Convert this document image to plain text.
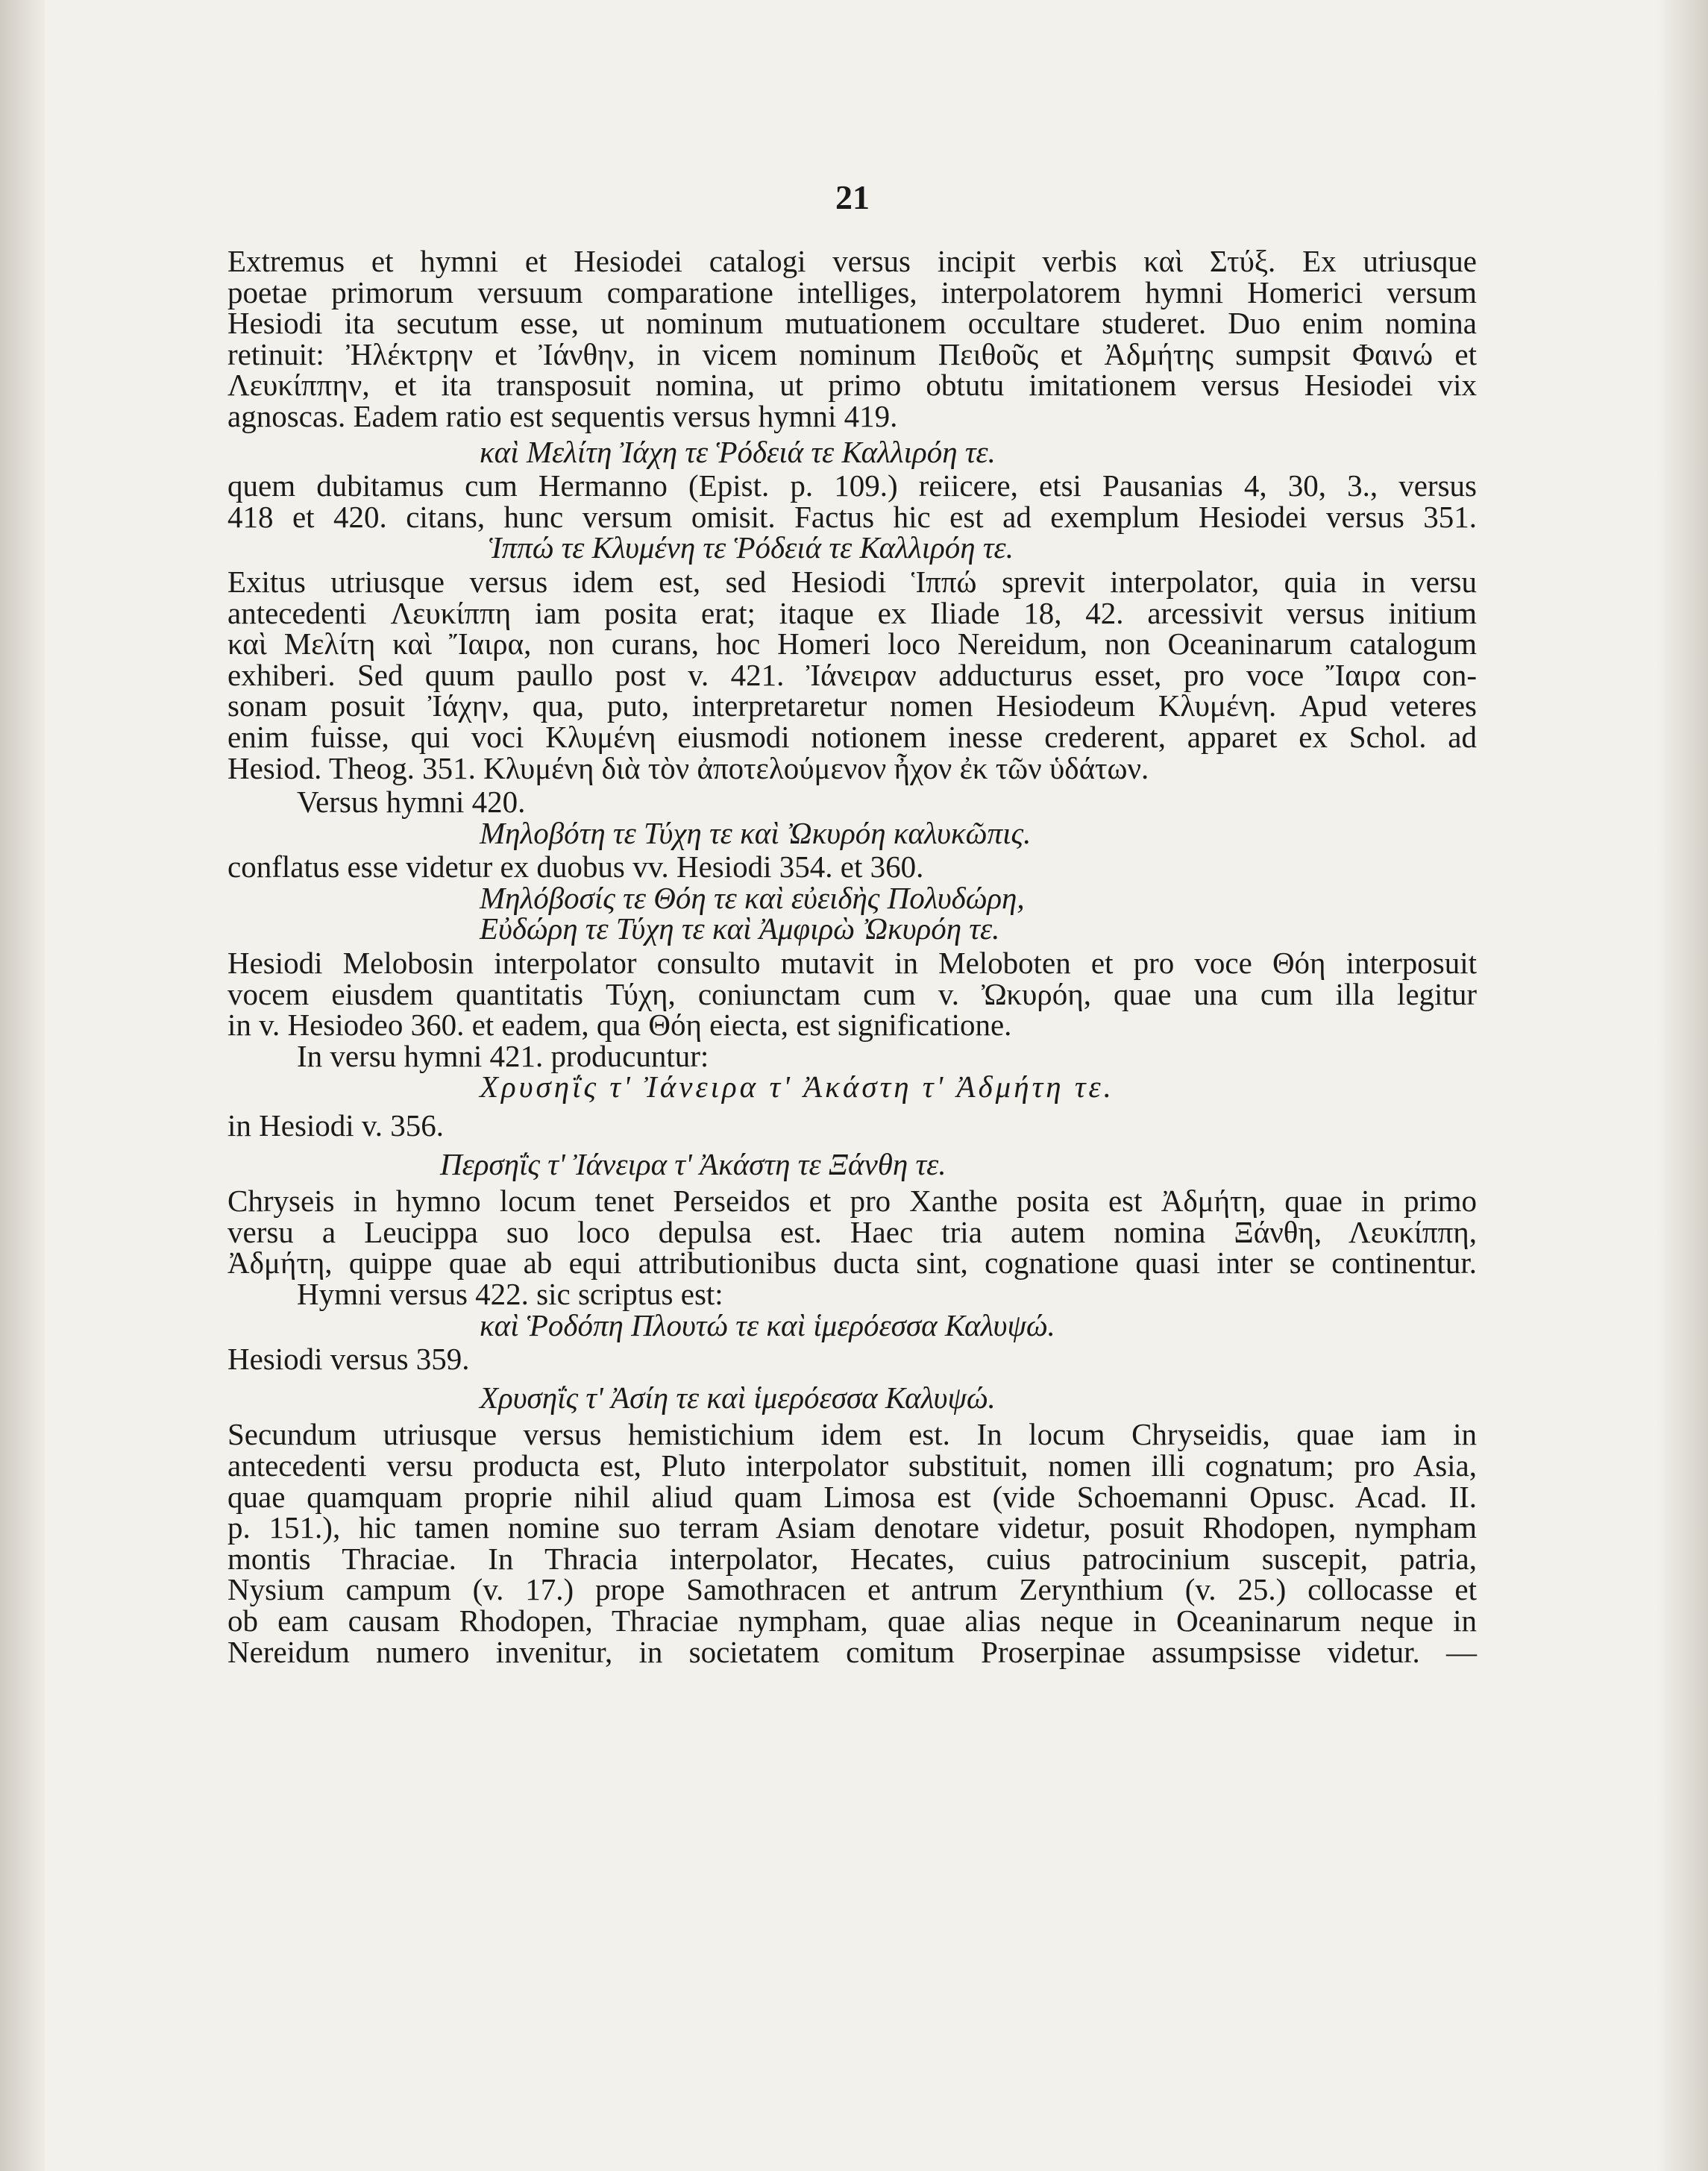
21
Extremus et hymni et Hesiodei catalogi versus incipit verbis καὶ Στύξ. Ex utriusque
poetae primorum versuum comparatione intelliges, interpolatorem hymni Homerici versum
Hesiodi ita secutum esse, ut nominum mutuationem occultare studeret. Duo enim nomina
retinuit: Ἠλέκτρην et Ἰάνθην, in vicem nominum Πειθοῦς et Ἀδμήτης sumpsit Φαινώ et
Λευκίππην, et ita transposuit nomina, ut primo obtutu imitationem versus Hesiodei vix
agnoscas. Eadem ratio est sequentis versus hymni 419.
καὶ Μελίτη Ἰάχη τε Ῥόδειά τε Καλλιρόη τε.
quem dubitamus cum Hermanno (Epist. p. 109.) reiicere, etsi Pausanias 4, 30, 3., versus
418 et 420. citans, hunc versum omisit. Factus hic est ad exemplum Hesiodei versus 351.
Ἱππώ τε Κλυμένη τε Ῥόδειά τε Καλλιρόη τε.
Exitus utriusque versus idem est, sed Hesiodi Ἱππώ sprevit interpolator, quia in versu
antecedenti Λευκίππη iam posita erat; itaque ex Iliade 18, 42. arcessivit versus initium
καὶ Μελίτη καὶ Ἴαιρα, non curans, hoc Homeri loco Nereidum, non Oceaninarum catalogum
exhiberi. Sed quum paullo post v. 421. Ἰάνειραν adducturus esset, pro voce Ἴαιρα con-
sonam posuit Ἰάχην, qua, puto, interpretaretur nomen Hesiodeum Κλυμένη. Apud veteres
enim fuisse, qui voci Κλυμένη eiusmodi notionem inesse crederent, apparet ex Schol. ad
Hesiod. Theog. 351. Κλυμένη διὰ τὸν ἀποτελούμενον ἦχον ἐκ τῶν ὑδάτων.
Versus hymni 420.
Μηλοβότη τε Τύχη τε καὶ Ὠκυρόη καλυκῶπις.
conflatus esse videtur ex duobus vv. Hesiodi 354. et 360.
Μηλόβοσίς τε Θόη τε καὶ εὐειδὴς Πολυδώρη,
Εὐδώρη τε Τύχη τε καὶ Ἀμφιρὼ Ὠκυρόη τε.
Hesiodi Melobosin interpolator consulto mutavit in Meloboten et pro voce Θόη interposuit
vocem eiusdem quantitatis Τύχη, coniunctam cum v. Ὠκυρόη, quae una cum illa legitur
in v. Hesiodeo 360. et eadem, qua Θόη eiecta, est significatione.
In versu hymni 421. producuntur:
Χρυσηΐς τ' Ἰάνειρα τ' Ἀκάστη τ' Ἀδμήτη τε.
in Hesiodi v. 356.
Περσηΐς τ' Ἰάνειρα τ' Ἀκάστη τε Ξάνθη τε.
Chryseis in hymno locum tenet Perseidos et pro Xanthe posita est Ἀδμήτη, quae in primo
versu a Leucippa suo loco depulsa est. Haec tria autem nomina Ξάνθη, Λευκίππη,
Ἀδμήτη, quippe quae ab equi attributionibus ducta sint, cognatione quasi inter se continentur.
Hymni versus 422. sic scriptus est:
καὶ Ῥοδόπη Πλουτώ τε καὶ ἱμερόεσσα Καλυψώ.
Hesiodi versus 359.
Χρυσηΐς τ' Ἀσίη τε καὶ ἱμερόεσσα Καλυψώ.
Secundum utriusque versus hemistichium idem est. In locum Chryseidis, quae iam in
antecedenti versu producta est, Pluto interpolator substituit, nomen illi cognatum; pro Asia,
quae quamquam proprie nihil aliud quam Limosa est (vide Schoemanni Opusc. Acad. II.
p. 151.), hic tamen nomine suo terram Asiam denotare videtur, posuit Rhodopen, nympham
montis Thraciae. In Thracia interpolator, Hecates, cuius patrocinium suscepit, patria,
Nysium campum (v. 17.) prope Samothracen et antrum Zerynthium (v. 25.) collocasse et
ob eam causam Rhodopen, Thraciae nympham, quae alias neque in Oceaninarum neque in
Nereidum numero invenitur, in societatem comitum Proserpinae assumpsisse videtur. —
